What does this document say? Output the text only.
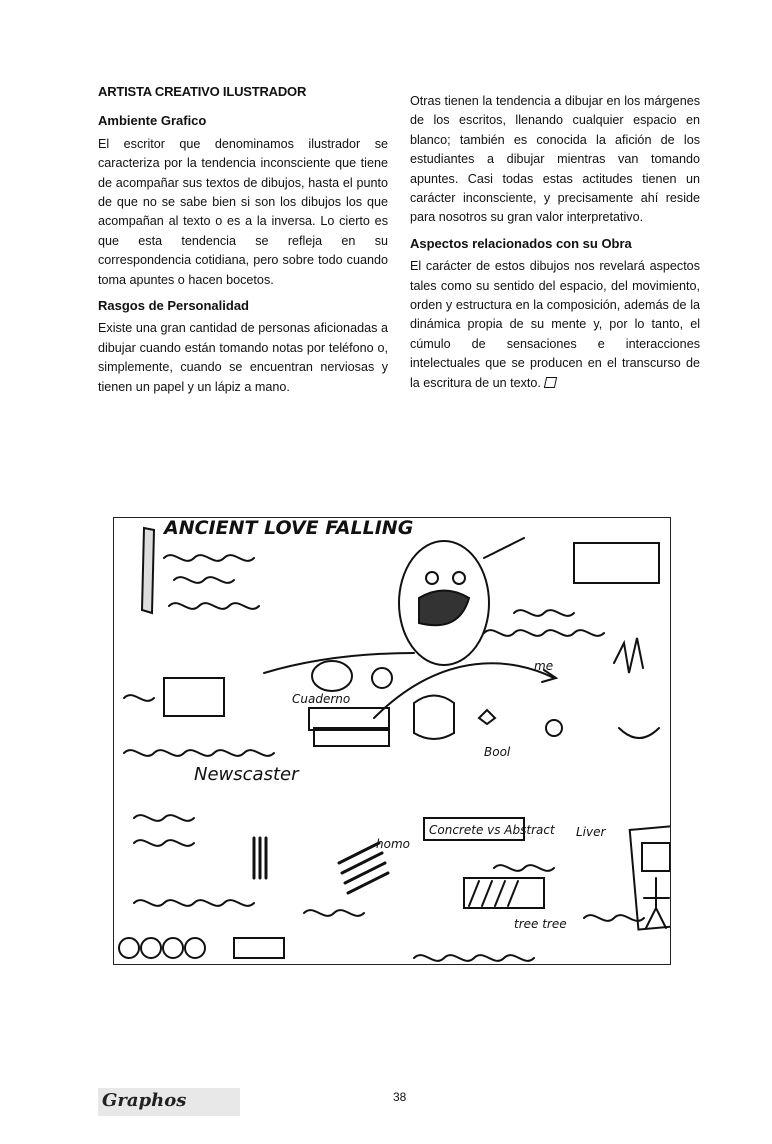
ARTISTA CREATIVO ILUSTRADOR
Ambiente Grafico

El escritor que denominamos ilustrador se caracteriza por la tendencia inconsciente que tiene de acompañar sus textos de dibujos, hasta el punto de que no se sabe bien si son los dibujos los que acompañan al texto o es a la inversa. Lo cierto es que esta tendencia se refleja en su correspondencia cotidiana, pero sobre todo cuando toma apuntes o hacen bocetos.

Rasgos de Personalidad

Existe una gran cantidad de personas aficionadas a dibujar cuando están tomando notas por teléfono o, simplemente, cuando se encuentran nerviosas y tienen un papel y un lápiz a mano.

Otras tienen la tendencia a dibujar en los márgenes de los escritos, llenando cualquier espacio en blanco; también es conocida la afición de los estudiantes a dibujar mientras van tomando apuntes. Casi todas estas actitudes tienen un carácter inconsciente, y precisamente ahí reside para nosotros su gran valor interpretativo.

Aspectos relacionados con su Obra

El carácter de estos dibujos nos revelará aspectos tales como su sentido del espacio, del movimiento, orden y estructura en la composición, además de la dinámica propia de su mente y, por lo tanto, el cúmulo de sensaciones e interacciones intelectuales que se producen en el transcurso de la escritura de un texto.

ANCIENT LOVE FALLING
Cuaderno
Newscaster
Concrete vs Abstract Liver
homo
me
tree tree
Bool
Graphos	38
